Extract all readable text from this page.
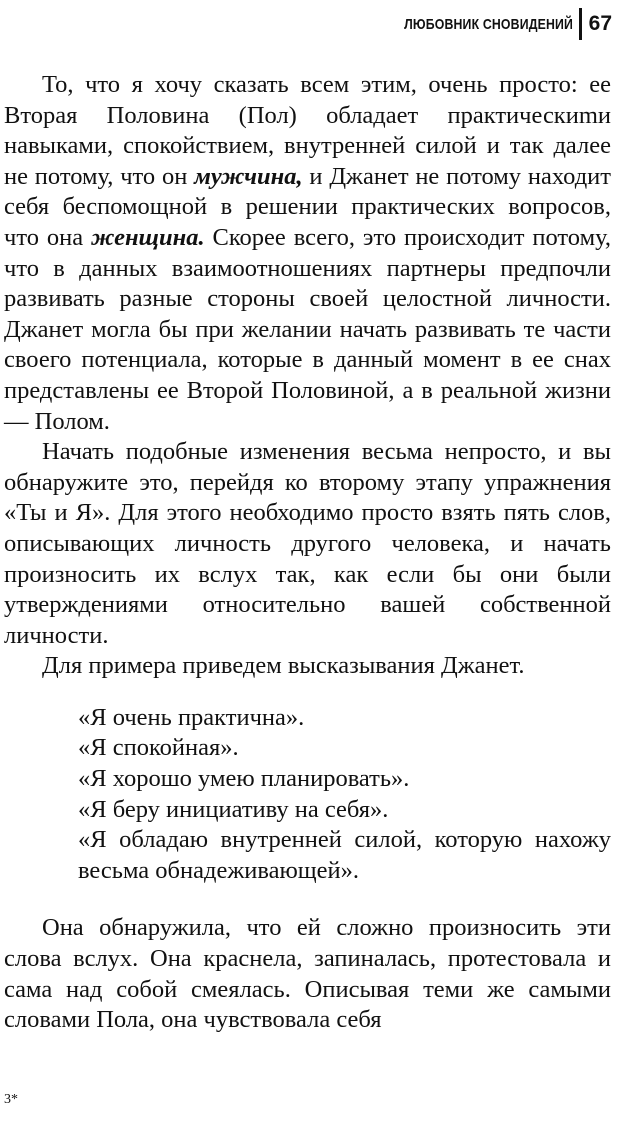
ЛЮБОВНИК СНОВИДЕНИЙ 67

То, что я хочу сказать всем этим, очень просто: ее Вторая Половина (Пол) обладает практическиmи навыками, спокойствием, внутренней силой и так далее не потому, что он мужчина, и Джанет не потому находит себя беспомощной в решении практических вопросов, что она женщина. Скорее всего, это происходит потому, что в данных взаимоотношениях партнеры предпочли развивать разные стороны своей целостной личности. Джанет могла бы при желании начать развивать те части своего потенциала, которые в данный момент в ее снах представлены ее Второй Половиной, а в реальной жизни — Полом.

Начать подобные изменения весьма непросто, и вы обнаружите это, перейдя ко второму этапу упражнения «Ты и Я». Для этого необходимо просто взять пять слов, описывающих личность другого человека, и начать произносить их вслух так, как если бы они были утверждениями относительно вашей собственной личности.

Для примера приведем высказывания Джанет.

«Я очень практична».

«Я спокойная».

«Я хорошо умею планировать».

«Я беру инициативу на себя».

«Я обладаю внутренней силой, которую нахожу весьма обнадеживающей».

Она обнаружила, что ей сложно произносить эти слова вслух. Она краснела, запиналась, протестовала и сама над собой смеялась. Описывая теми же самыми словами Пола, она чувствовала себя

3*
